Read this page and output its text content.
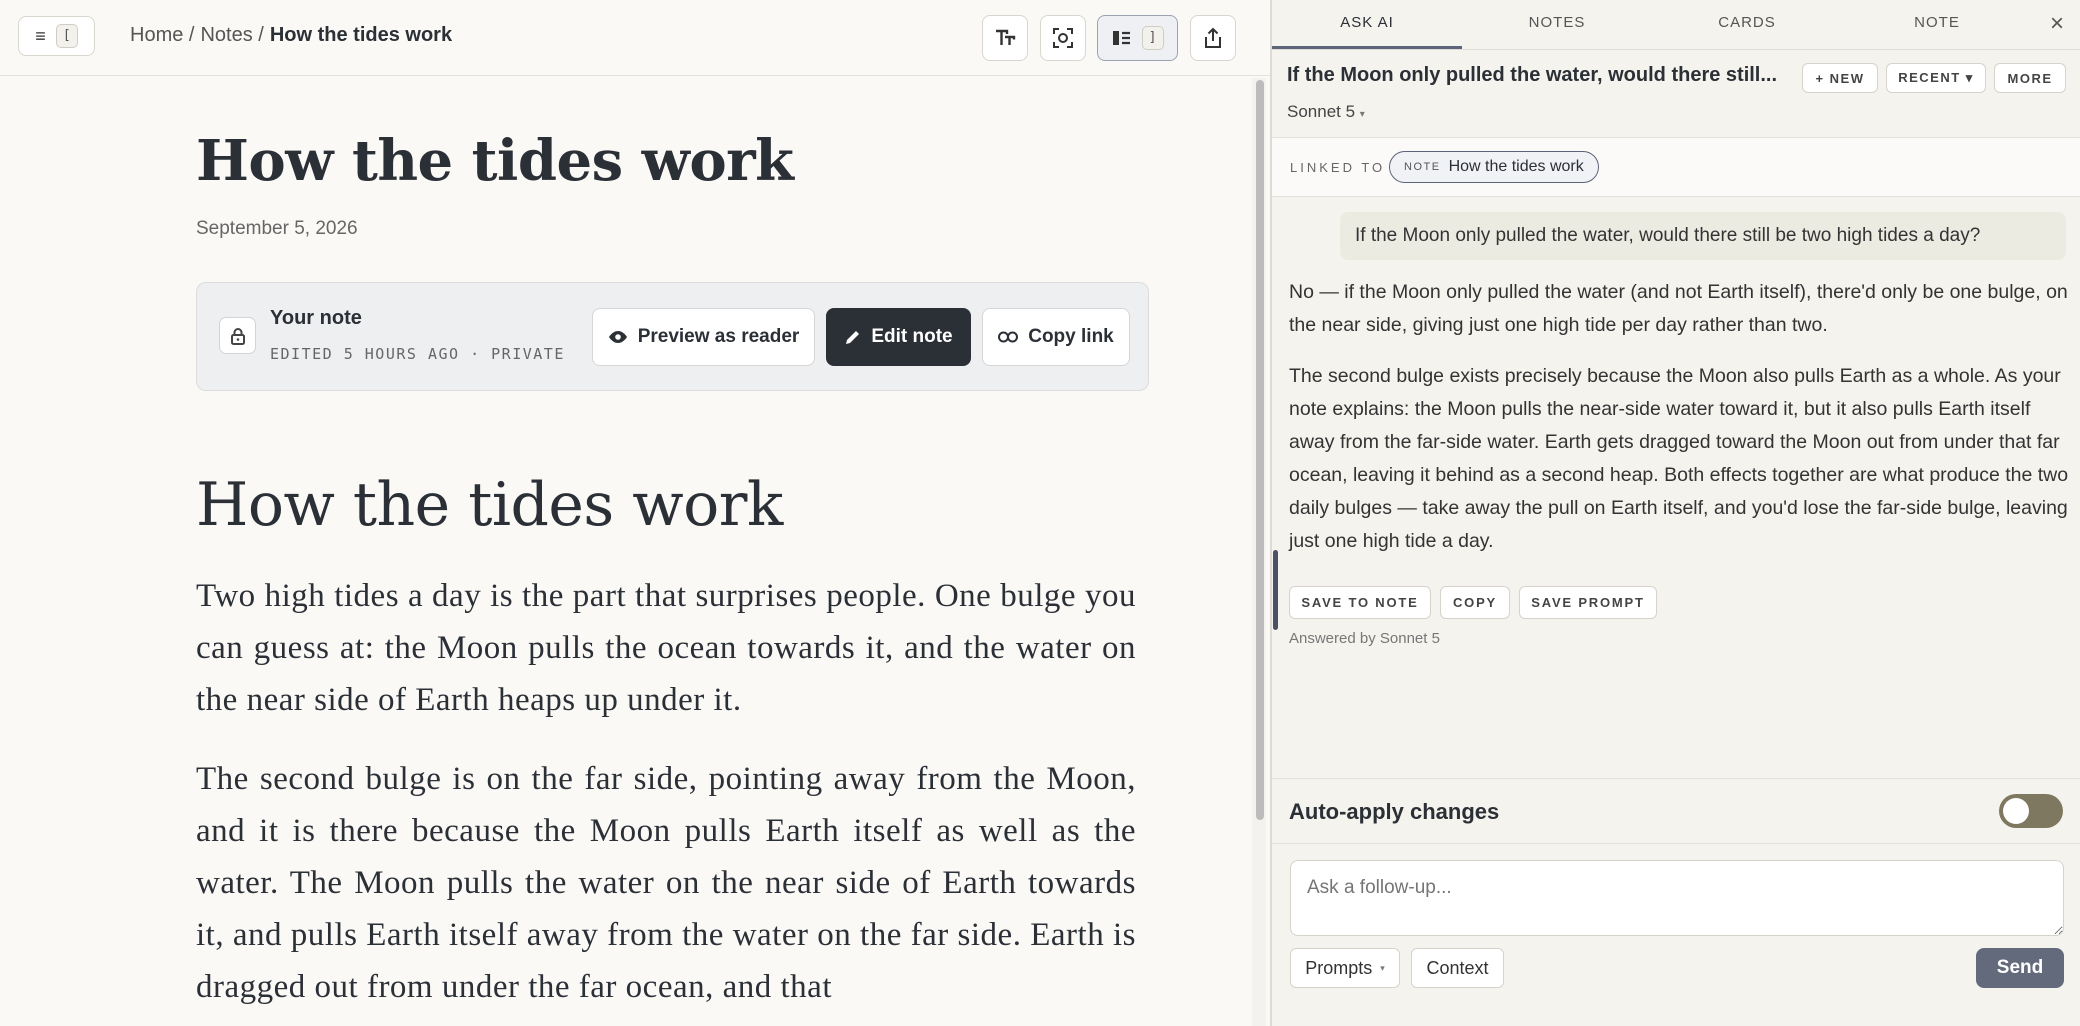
≡	[	Home / Notes / How the tides work	]
How the tides work
September 5, 2026
Your note
EDITED 5 HOURS AGO · PRIVATE
Preview as reader	Edit note	Copy link
How the tides work

Two high tides a day is the part that surprises people. One bulge you can guess at: the Moon pulls the ocean towards it, and the water on the near side of Earth heaps up under it.

The second bulge is on the far side, pointing away from the Moon, and it is there because the Moon pulls Earth itself as well as the water. The Moon pulls the water on the near side of Earth towards it, and pulls Earth itself away from the water on the far side. Earth is dragged out from under the far ocean, and that

ASK AI	NOTES	CARDS	NOTE	×
If the Moon only pulled the water, would there still...	+ NEW	RECENT ▾	MORE
Sonnet 5 ▾
LINKED TO NOTE How the tides work
If the Moon only pulled the water, would there still be two high tides a day?

No — if the Moon only pulled the water (and not Earth itself), there'd only be one bulge, on the near side, giving just one high tide per day rather than two.

The second bulge exists precisely because the Moon also pulls Earth as a whole. As your note explains: the Moon pulls the near-side water toward it, but it also pulls Earth itself away from the far-side water. Earth gets dragged toward the Moon out from under that far ocean, leaving it behind as a second heap. Both effects together are what produce the two daily bulges — take away the pull on Earth itself, and you'd lose the far-side bulge, leaving just one high tide a day.

SAVE TO NOTE	COPY	SAVE PROMPT
Answered by Sonnet 5
Auto-apply changes
Ask a follow-up...
Prompts ▾	Context	Send
